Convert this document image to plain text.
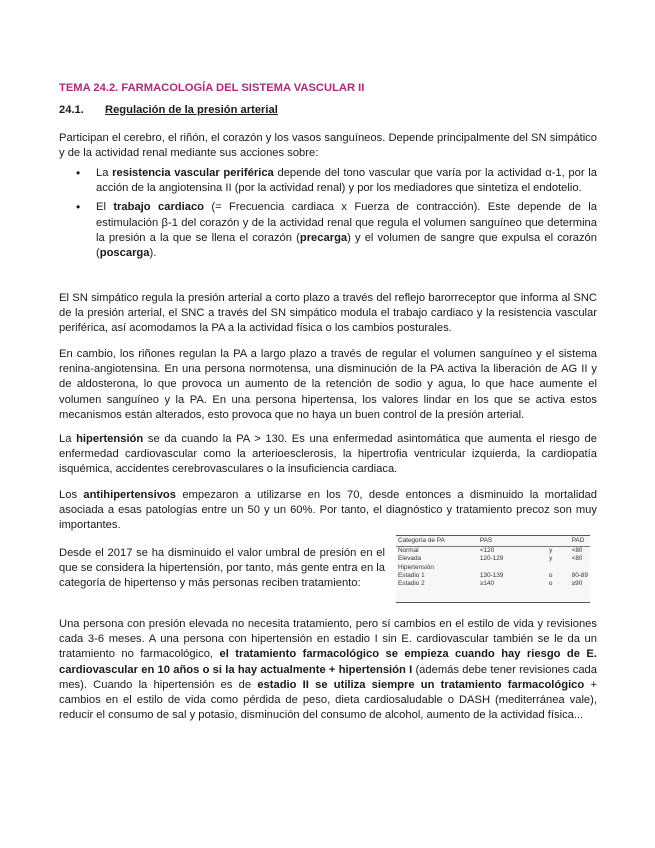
TEMA 24.2. FARMACOLOGÍA DEL SISTEMA VASCULAR II
24.1. Regulación de la presión arterial

Participan el cerebro, el riñón, el corazón y los vasos sanguíneos. Depende principalmente del SN simpático y de la actividad renal mediante sus acciones sobre:

• La resistencia vascular periférica depende del tono vascular que varía por la actividad α-1, por la acción de la angiotensina II (por la actividad renal) y por los mediadores que sintetiza el endotelio.
• El trabajo cardiaco (= Frecuencia cardiaca x Fuerza de contracción). Este depende de la estimulación β-1 del corazón y de la actividad renal que regula el volumen sanguíneo que determina la presión a la que se llena el corazón (precarga) y el volumen de sangre que expulsa el corazón (poscarga).

El SN simpático regula la presión arterial a corto plazo a través del reflejo barorreceptor que informa al SNC de la presión arterial, el SNC a través del SN simpático modula el trabajo cardiaco y la resistencia vascular periférica, así acomodamos la PA a la actividad física o los cambios posturales.

En cambio, los riñones regulan la PA a largo plazo a través de regular el volumen sanguíneo y el sistema renina-angiotensina. En una persona normotensa, una disminución de la PA activa la liberación de AG II y de aldosterona, lo que provoca un aumento de la retención de sodio y agua, lo que hace aumente el volumen sanguíneo y la PA. En una persona hipertensa, los valores lindar en los que se activa estos mecanismos están alterados, esto provoca que no haya un buen control de la presión arterial.

La hipertensión se da cuando la PA > 130. Es una enfermedad asintomática que aumenta el riesgo de enfermedad cardiovascular como la arterioesclerosis, la hipertrofia ventricular izquierda, la cardiopatía isquémica, accidentes cerebrovasculares o la insuficiencia cardiaca.

Los antihipertensivos empezaron a utilizarse en los 70, desde entonces a disminuido la mortalidad asociada a esas patologías entre un 50 y un 60%. Por tanto, el diagnóstico y tratamiento precoz son muy importantes.

Desde el 2017 se ha disminuido el valor umbral de presión en el que se considera la hipertensión, por tanto, más gente entra en la categoría de hipertenso y más personas reciben tratamiento:

Categoría de PA	PAS		PAD
Normal	<120	y	<80
Elevada	120-129	y	<80
Hipertensión			
Estadio 1	130-139	o	80-89
Estadio 2	≥140	o	≥90

Una persona con presión elevada no necesita tratamiento, pero sí cambios en el estilo de vida y revisiones cada 3-6 meses. A una persona con hipertensión en estadio I sin E. cardiovascular también se le da un tratamiento no farmacológico, el tratamiento farmacológico se empieza cuando hay riesgo de E. cardiovascular en 10 años o si la hay actualmente + hipertensión I (además debe tener revisiones cada mes). Cuando la hipertensión es de estadio II se utiliza siempre un tratamiento farmacológico + cambios en el estilo de vida como pérdida de peso, dieta cardiosaludable o DASH (mediterránea vale), reducir el consumo de sal y potasio, disminución del consumo de alcohol, aumento de la actividad física...
